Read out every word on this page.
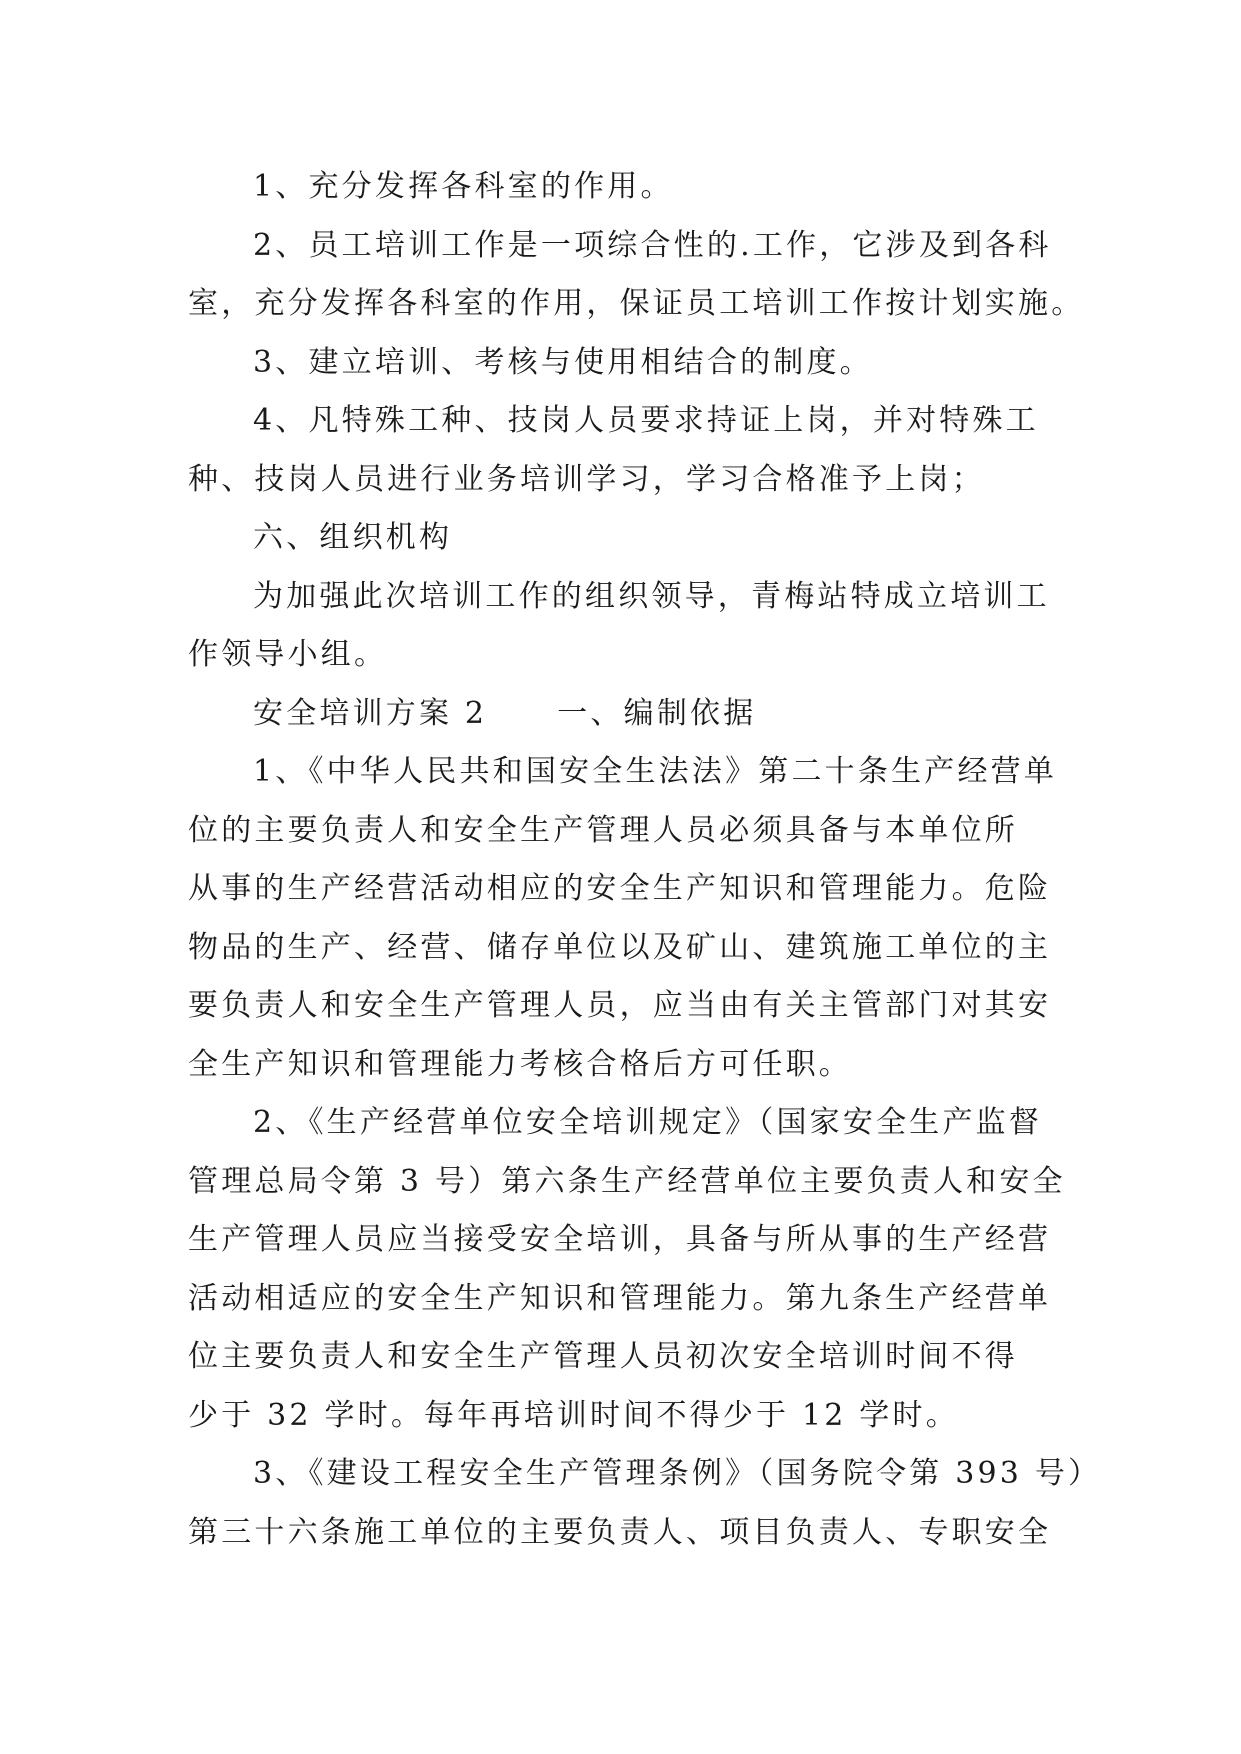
1、充分发挥各科室的作用。
2、员工培训工作是一项综合性的.工作，它涉及到各科
室，充分发挥各科室的作用，保证员工培训工作按计划实施。
3、建立培训、考核与使用相结合的制度。
4、凡特殊工种、技岗人员要求持证上岗，并对特殊工
种、技岗人员进行业务培训学习，学习合格准予上岗；
六、组织机构
为加强此次培训工作的组织领导，青梅站特成立培训工
作领导小组。
安全培训方案 2 一、编制依据
1、《中华人民共和国安全生法法》第二十条生产经营单
位的主要负责人和安全生产管理人员必须具备与本单位所
从事的生产经营活动相应的安全生产知识和管理能力。危险
物品的生产、经营、储存单位以及矿山、建筑施工单位的主
要负责人和安全生产管理人员，应当由有关主管部门对其安
全生产知识和管理能力考核合格后方可任职。
2、《生产经营单位安全培训规定》（国家安全生产监督
管理总局令第 3 号）第六条生产经营单位主要负责人和安全
生产管理人员应当接受安全培训，具备与所从事的生产经营
活动相适应的安全生产知识和管理能力。第九条生产经营单
位主要负责人和安全生产管理人员初次安全培训时间不得
少于 32 学时。每年再培训时间不得少于 12 学时。
3、《建设工程安全生产管理条例》（国务院令第 393 号）
第三十六条施工单位的主要负责人、项目负责人、专职安全
